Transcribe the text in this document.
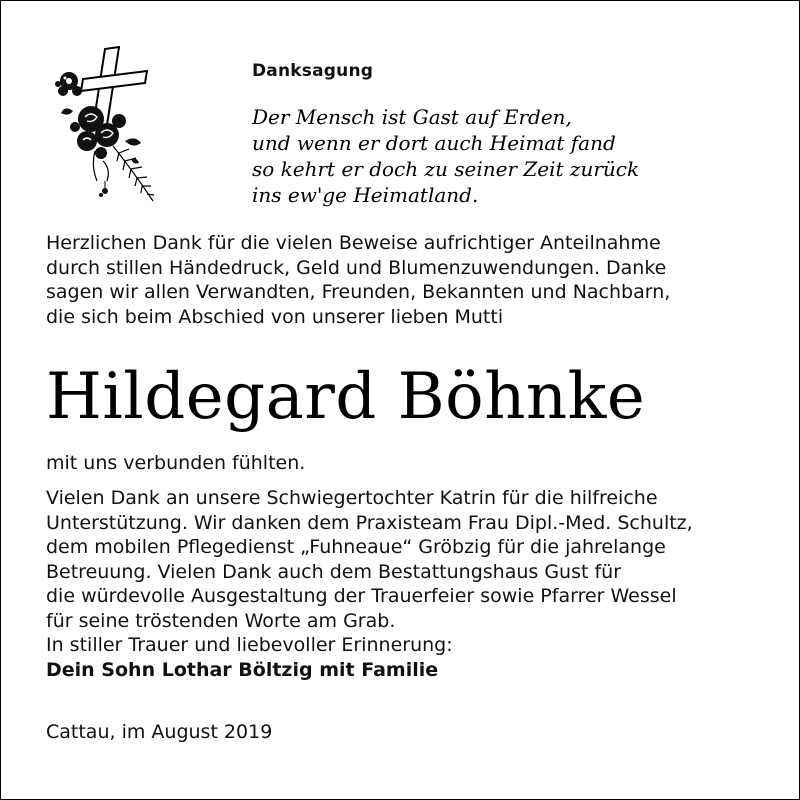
Danksagung
Der Mensch ist Gast auf Erden,
und wenn er dort auch Heimat fand
so kehrt er doch zu seiner Zeit zurück
ins ew'ge Heimatland.
Herzlichen Dank für die vielen Beweise aufrichtiger Anteilnahme
durch stillen Händedruck, Geld und Blumenzuwendungen. Danke
sagen wir allen Verwandten, Freunden, Bekannten und Nachbarn,
die sich beim Abschied von unserer lieben Mutti
Hildegard Böhnke
mit uns verbunden fühlten.
Vielen Dank an unsere Schwiegertochter Katrin für die hilfreiche
Unterstützung. Wir danken dem Praxisteam Frau Dipl.-Med. Schultz,
dem mobilen Pflegedienst „Fuhneaue“ Gröbzig für die jahrelange
Betreuung. Vielen Dank auch dem Bestattungshaus Gust für
die würdevolle Ausgestaltung der Trauerfeier sowie Pfarrer Wessel
für seine tröstenden Worte am Grab.
In stiller Trauer und liebevoller Erinnerung:
Dein Sohn Lothar Böltzig mit Familie
Cattau, im August 2019
